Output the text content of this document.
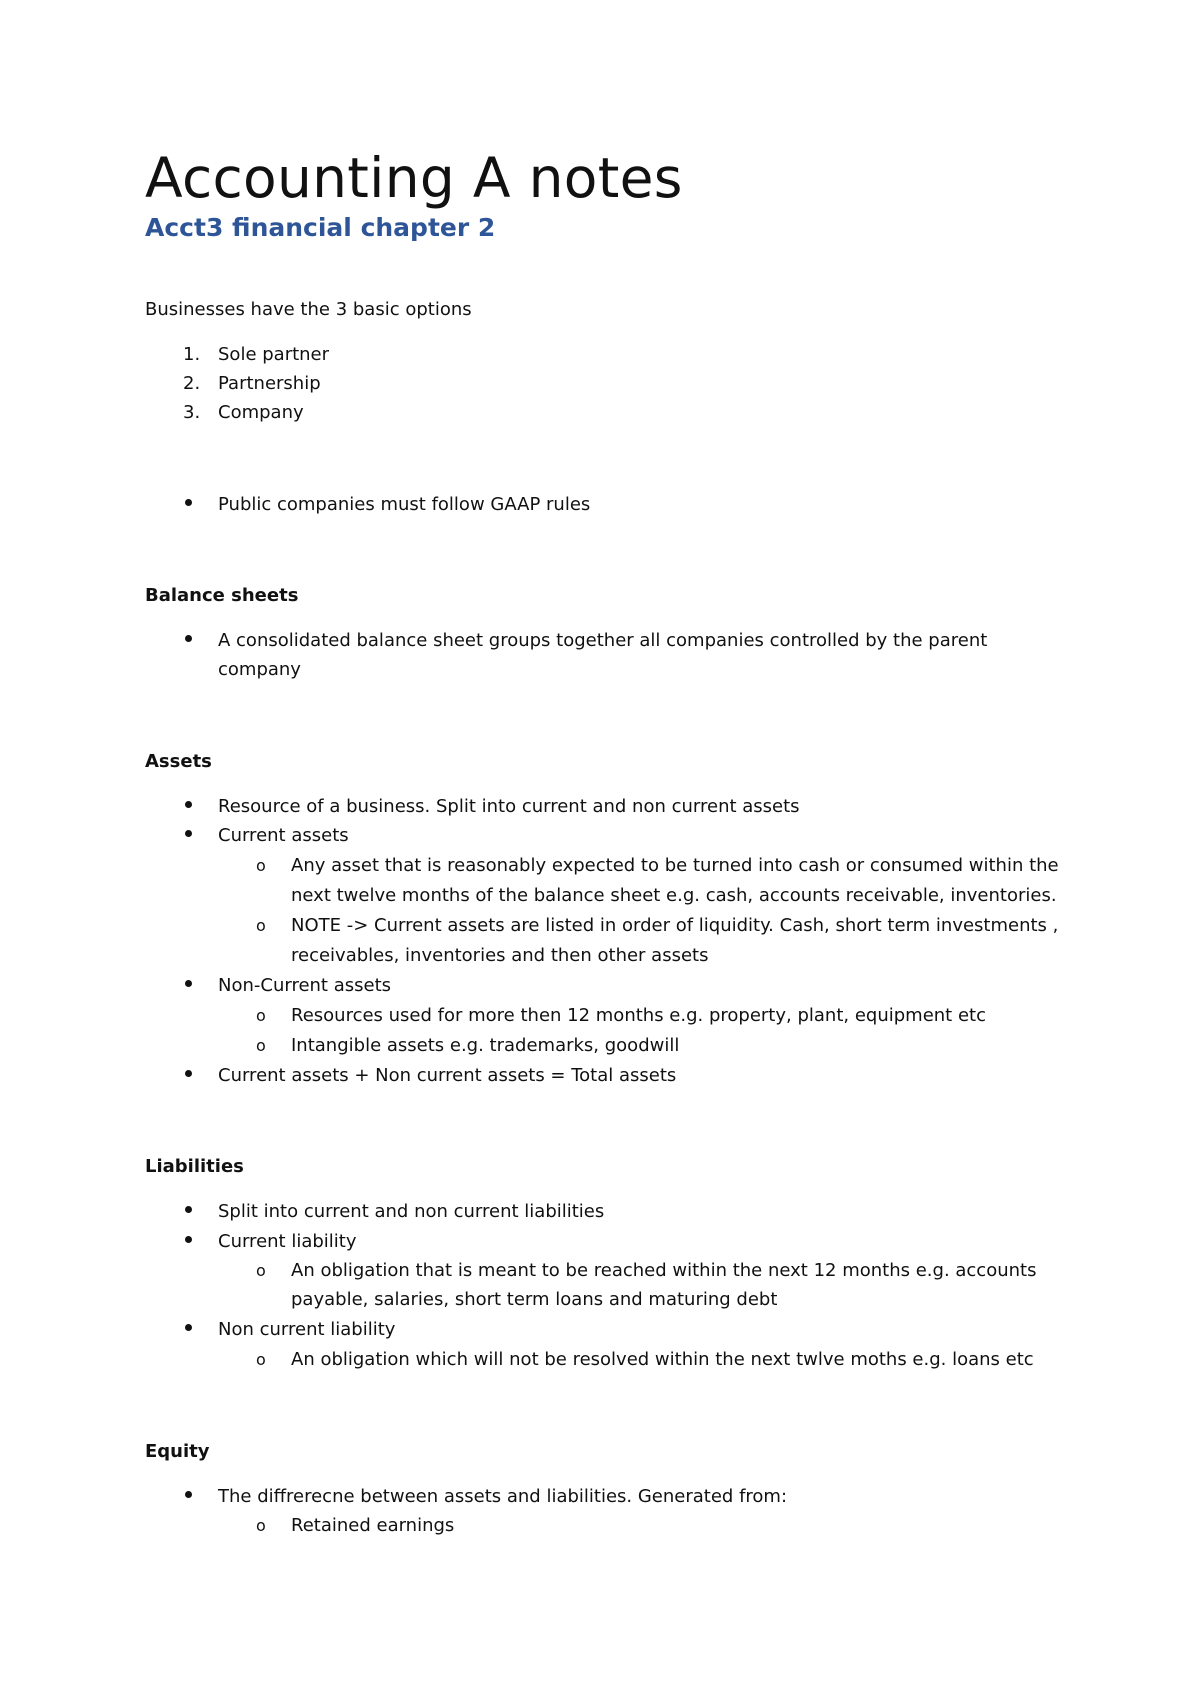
Accounting A notes
Acct3 financial chapter 2
Businesses have the 3 basic options
1. Sole partner
2. Partnership
3. Company
Public companies must follow GAAP rules
Balance sheets
A consolidated balance sheet groups together all companies controlled by the parent
company
Assets
Resource of a business. Split into current and non current assets
Current assets
o Any asset that is reasonably expected to be turned into cash or consumed within the
next twelve months of the balance sheet e.g. cash, accounts receivable, inventories.
o NOTE -> Current assets are listed in order of liquidity. Cash, short term investments ,
receivables, inventories and then other assets
Non-Current assets
o Resources used for more then 12 months e.g. property, plant, equipment etc
o Intangible assets e.g. trademarks, goodwill
Current assets + Non current assets = Total assets
Liabilities
Split into current and non current liabilities
Current liability
o An obligation that is meant to be reached within the next 12 months e.g. accounts
payable, salaries, short term loans and maturing debt
Non current liability
o An obligation which will not be resolved within the next twlve moths e.g. loans etc
Equity
The diffrerecne between assets and liabilities. Generated from:
o Retained earnings
